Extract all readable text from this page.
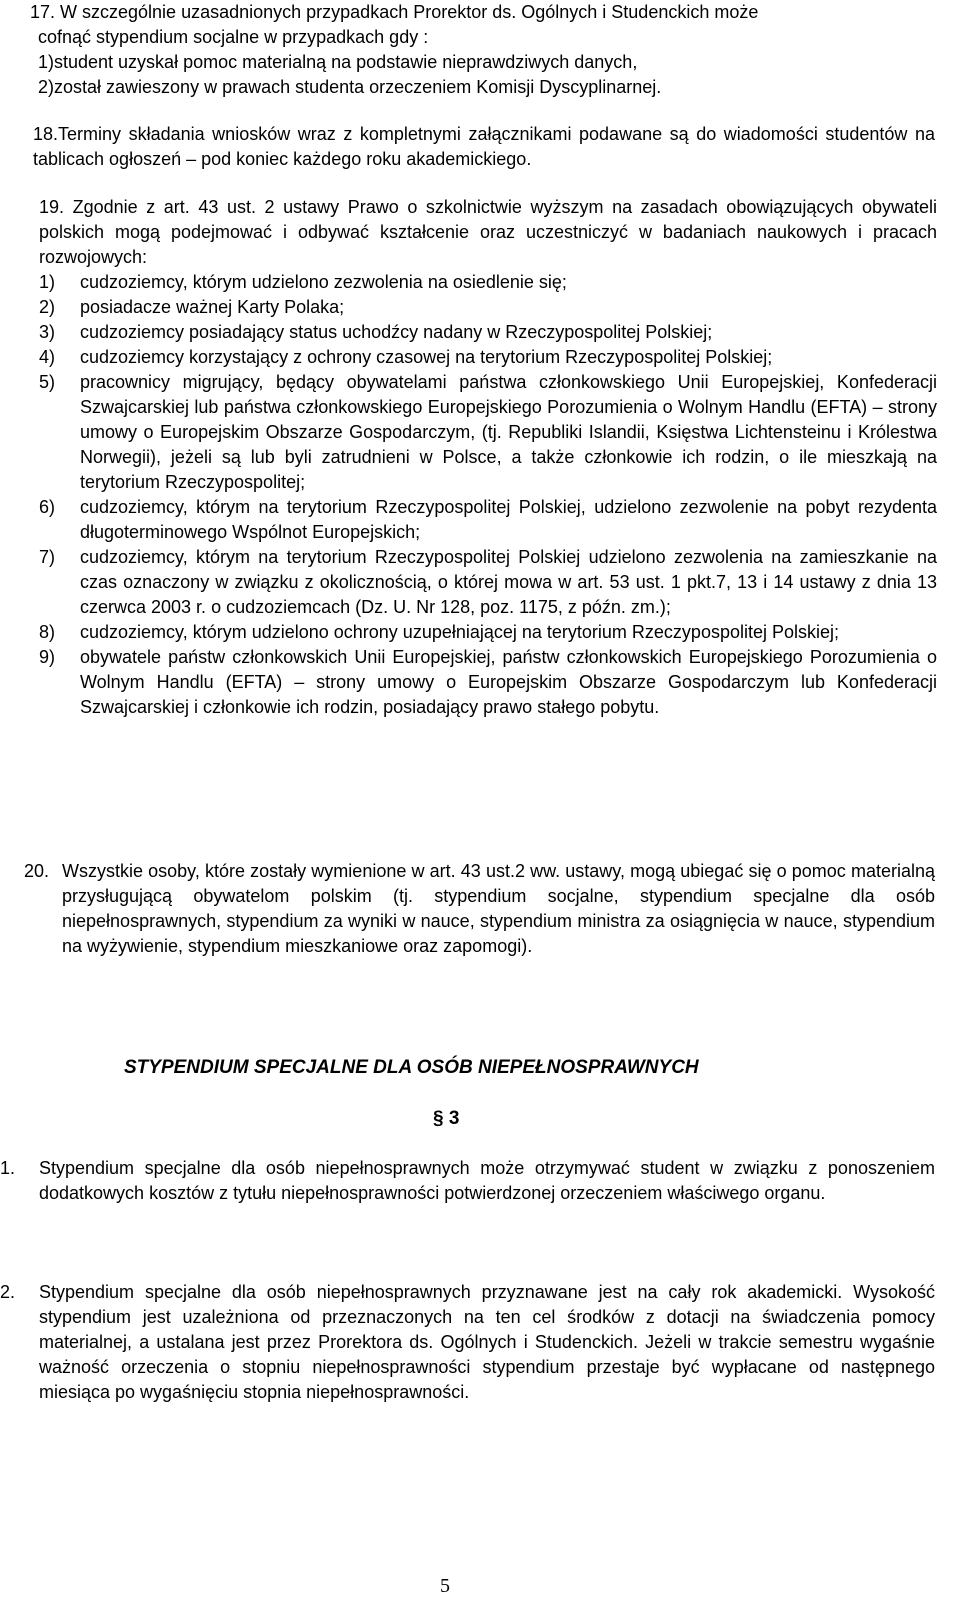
17. W szczególnie uzasadnionych przypadkach Prorektor ds. Ogólnych i Studenckich może
cofnąć stypendium socjalne w przypadkach gdy :
1)student uzyskał pomoc materialną na podstawie nieprawdziwych danych,
2)został zawieszony w prawach studenta orzeczeniem Komisji Dyscyplinarnej.

18.Terminy składania wniosków wraz z kompletnymi załącznikami podawane są do wiadomości studentów na tablicach ogłoszeń – pod koniec każdego roku akademickiego.

19. Zgodnie z art. 43 ust. 2 ustawy Prawo o szkolnictwie wyższym na zasadach obowiązujących obywateli polskich mogą podejmować i odbywać kształcenie oraz uczestniczyć w badaniach naukowych i pracach rozwojowych:

1) cudzoziemcy, którym udzielono zezwolenia na osiedlenie się;
2) posiadacze ważnej Karty Polaka;
3) cudzoziemcy posiadający status uchodźcy nadany w Rzeczypospolitej Polskiej;
4) cudzoziemcy korzystający z ochrony czasowej na terytorium Rzeczypospolitej Polskiej;
5) pracownicy migrujący, będący obywatelami państwa członkowskiego Unii Europejskiej, Konfederacji Szwajcarskiej lub państwa członkowskiego Europejskiego Porozumienia o Wolnym Handlu (EFTA) – strony umowy o Europejskim Obszarze Gospodarczym, (tj. Republiki Islandii, Księstwa Lichtensteinu i Królestwa Norwegii), jeżeli są lub byli zatrudnieni w Polsce, a także członkowie ich rodzin, o ile mieszkają na terytorium Rzeczypospolitej;
6) cudzoziemcy, którym na terytorium Rzeczypospolitej Polskiej, udzielono zezwolenie na pobyt rezydenta długoterminowego Wspólnot Europejskich;
7) cudzoziemcy, którym na terytorium Rzeczypospolitej Polskiej udzielono zezwolenia na zamieszkanie na czas oznaczony w związku z okolicznością, o której mowa w art. 53 ust. 1 pkt.7, 13 i 14 ustawy z dnia 13 czerwca 2003 r. o cudzoziemcach (Dz. U. Nr 128, poz. 1175, z późn. zm.);
8) cudzoziemcy, którym udzielono ochrony uzupełniającej na terytorium Rzeczypospolitej Polskiej;
9) obywatele państw członkowskich Unii Europejskiej, państw członkowskich Europejskiego Porozumienia o Wolnym Handlu (EFTA) – strony umowy o Europejskim Obszarze Gospodarczym lub Konfederacji Szwajcarskiej i członkowie ich rodzin, posiadający prawo stałego pobytu.
20. Wszystkie osoby, które zostały wymienione w art. 43 ust.2 ww. ustawy, mogą ubiegać się o pomoc materialną przysługującą obywatelom polskim (tj. stypendium socjalne, stypendium specjalne dla osób niepełnosprawnych, stypendium za wyniki w nauce, stypendium ministra za osiągnięcia w nauce, stypendium na wyżywienie, stypendium mieszkaniowe oraz zapomogi).

STYPENDIUM SPECJALNE DLA OSÓB NIEPEŁNOSPRAWNYCH
§ 3
1. Stypendium specjalne dla osób niepełnosprawnych może otrzymywać student w związku z ponoszeniem dodatkowych kosztów z tytułu niepełnosprawności potwierdzonej orzeczeniem właściwego organu.

2. Stypendium specjalne dla osób niepełnosprawnych przyznawane jest na cały rok akademicki. Wysokość stypendium jest uzależniona od przeznaczonych na ten cel środków z dotacji na świadczenia pomocy materialnej, a ustalana jest przez Prorektora ds. Ogólnych i Studenckich. Jeżeli w trakcie semestru wygaśnie ważność orzeczenia o stopniu niepełnosprawności stypendium przestaje być wypłacane od następnego miesiąca po wygaśnięciu stopnia niepełnosprawności.

5
